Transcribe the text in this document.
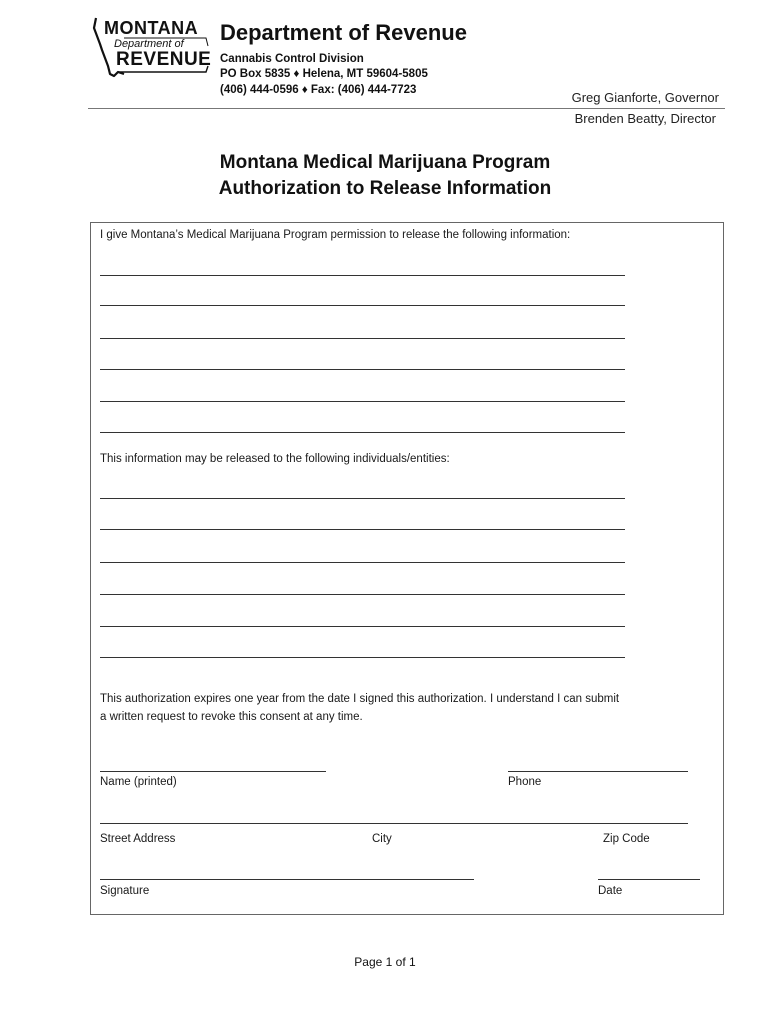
MONTANA
Department of
REVENUE
Department of Revenue
Cannabis Control Division
PO Box 5835 ♦ Helena, MT 59604-5805
(406) 444-0596 ♦ Fax: (406) 444-7723	Greg Gianforte, Governor
Brenden Beatty, Director
Montana Medical Marijuana Program
Authorization to Release Information
I give Montana’s Medical Marijuana Program permission to release the following information:
This information may be released to the following individuals/entities:
This authorization expires one year from the date I signed this authorization. I understand I can submit
a written request to revoke this consent at any time.
Name (printed)	Phone
Street Address	City	Zip Code
Signature	Date
Page 1 of 1
